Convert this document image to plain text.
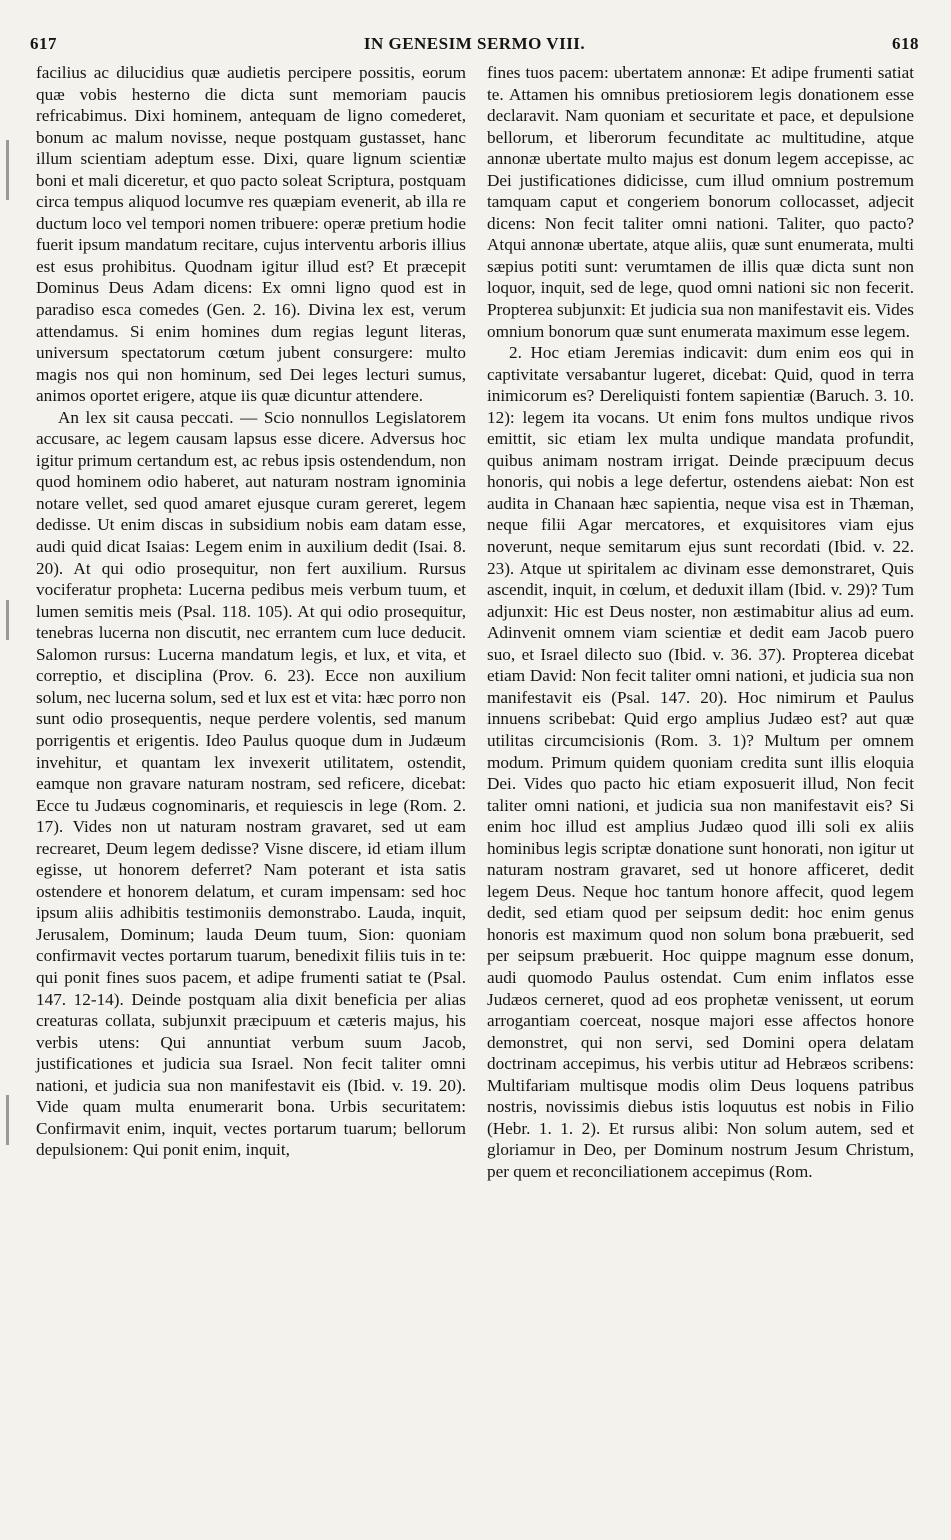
617	IN GENESIM SERMO VIII.	618

facilius ac dilucidius quæ audietis percipere possitis, eorum quæ vobis hesterno die dicta sunt memoriam paucis refricabimus. Dixi hominem, antequam de ligno comederet, bonum ac malum novisse, neque postquam gustasset, hanc illum scientiam adeptum esse. Dixi, quare lignum scientiæ boni et mali diceretur, et quo pacto soleat Scriptura, postquam circa tempus aliquod locumve res quæpiam evenerit, ab illa re ductum loco vel tempori nomen tribuere: operæ pretium hodie fuerit ipsum mandatum recitare, cujus interventu arboris illius est esus prohibitus. Quodnam igitur illud est? Et præcepit Dominus Deus Adam dicens: Ex omni ligno quod est in paradiso esca comedes (Gen. 2. 16). Divina lex est, verum attendamus. Si enim homines dum regias legunt literas, universum spectatorum cœtum jubent consurgere: multo magis nos qui non hominum, sed Dei leges lecturi sumus, animos oportet erigere, atque iis quæ dicuntur attendere.

An lex sit causa peccati. — Scio nonnullos Legislatorem accusare, ac legem causam lapsus esse dicere. Adversus hoc igitur primum certandum est, ac rebus ipsis ostendendum, non quod hominem odio haberet, aut naturam nostram ignominia notare vellet, sed quod amaret ejusque curam gereret, legem dedisse. Ut enim discas in subsidium nobis eam datam esse, audi quid dicat Isaias: Legem enim in auxilium dedit (Isai. 8. 20). At qui odio prosequitur, non fert auxilium. Rursus vociferatur propheta: Lucerna pedibus meis verbum tuum, et lumen semitis meis (Psal. 118. 105). At qui odio prosequitur, tenebras lucerna non discutit, nec errantem cum luce deducit. Salomon rursus: Lucerna mandatum legis, et lux, et vita, et correptio, et disciplina (Prov. 6. 23). Ecce non auxilium solum, nec lucerna solum, sed et lux est et vita: hæc porro non sunt odio prosequentis, neque perdere volentis, sed manum porrigentis et erigentis. Ideo Paulus quoque dum in Judæum invehitur, et quantam lex invexerit utilitatem, ostendit, eamque non gravare naturam nostram, sed reficere, dicebat: Ecce tu Judæus cognominaris, et requiescis in lege (Rom. 2. 17). Vides non ut naturam nostram gravaret, sed ut eam recrearet, Deum legem dedisse? Visne discere, id etiam illum egisse, ut honorem deferret? Nam poterant et ista satis ostendere et honorem delatum, et curam impensam: sed hoc ipsum aliis adhibitis testimoniis demonstrabo. Lauda, inquit, Jerusalem, Dominum; lauda Deum tuum, Sion: quoniam confirmavit vectes portarum tuarum, benedixit filiis tuis in te: qui ponit fines suos pacem, et adipe frumenti satiat te (Psal. 147. 12-14). Deinde postquam alia dixit beneficia per alias creaturas collata, subjunxit præcipuum et cæteris majus, his verbis utens: Qui annuntiat verbum suum Jacob, justificationes et judicia sua Israel. Non fecit taliter omni nationi, et judicia sua non manifestavit eis (Ibid. v. 19. 20). Vide quam multa enumerarit bona. Urbis securitatem: Confirmavit enim, inquit, vectes portarum tuarum; bellorum depulsionem: Qui ponit enim, inquit,

fines tuos pacem: ubertatem annonæ: Et adipe frumenti satiat te. Attamen his omnibus pretiosiorem legis donationem esse declaravit. Nam quoniam et securitate et pace, et depulsione bellorum, et liberorum fecunditate ac multitudine, atque annonæ ubertate multo majus est donum legem accepisse, ac Dei justificationes didicisse, cum illud omnium postremum tamquam caput et congeriem bonorum collocasset, adjecit dicens: Non fecit taliter omni nationi. Taliter, quo pacto? Atqui annonæ ubertate, atque aliis, quæ sunt enumerata, multi sæpius potiti sunt: verumtamen de illis quæ dicta sunt non loquor, inquit, sed de lege, quod omni nationi sic non fecerit. Propterea subjunxit: Et judicia sua non manifestavit eis. Vides omnium bonorum quæ sunt enumerata maximum esse legem.

2. Hoc etiam Jeremias indicavit: dum enim eos qui in captivitate versabantur lugeret, dicebat: Quid, quod in terra inimicorum es? Dereliquisti fontem sapientiæ (Baruch. 3. 10. 12): legem ita vocans. Ut enim fons multos undique rivos emittit, sic etiam lex multa undique mandata profundit, quibus animam nostram irrigat. Deinde præcipuum decus honoris, qui nobis a lege defertur, ostendens aiebat: Non est audita in Chanaan hæc sapientia, neque visa est in Thæman, neque filii Agar mercatores, et exquisitores viam ejus noverunt, neque semitarum ejus sunt recordati (Ibid. v. 22. 23). Atque ut spiritalem ac divinam esse demonstraret, Quis ascendit, inquit, in cœlum, et deduxit illam (Ibid. v. 29)? Tum adjunxit: Hic est Deus noster, non æstimabitur alius ad eum. Adinvenit omnem viam scientiæ et dedit eam Jacob puero suo, et Israel dilecto suo (Ibid. v. 36. 37). Propterea dicebat etiam David: Non fecit taliter omni nationi, et judicia sua non manifestavit eis (Psal. 147. 20). Hoc nimirum et Paulus innuens scribebat: Quid ergo amplius Judæo est? aut quæ utilitas circumcisionis (Rom. 3. 1)? Multum per omnem modum. Primum quidem quoniam credita sunt illis eloquia Dei. Vides quo pacto hic etiam exposuerit illud, Non fecit taliter omni nationi, et judicia sua non manifestavit eis? Si enim hoc illud est amplius Judæo quod illi soli ex aliis hominibus legis scriptæ donatione sunt honorati, non igitur ut naturam nostram gravaret, sed ut honore afficeret, dedit legem Deus. Neque hoc tantum honore affecit, quod legem dedit, sed etiam quod per seipsum dedit: hoc enim genus honoris est maximum quod non solum bona præbuerit, sed per seipsum præbuerit. Hoc quippe magnum esse donum, audi quomodo Paulus ostendat. Cum enim inflatos esse Judæos cerneret, quod ad eos prophetæ venissent, ut eorum arrogantiam coerceat, nosque majori esse affectos honore demonstret, qui non servi, sed Domini opera delatam doctrinam accepimus, his verbis utitur ad Hebræos scribens: Multifariam multisque modis olim Deus loquens patribus nostris, novissimis diebus istis loquutus est nobis in Filio (Hebr. 1. 1. 2). Et rursus alibi: Non solum autem, sed et gloriamur in Deo, per Dominum nostrum Jesum Christum, per quem et reconciliationem accepimus (Rom.
